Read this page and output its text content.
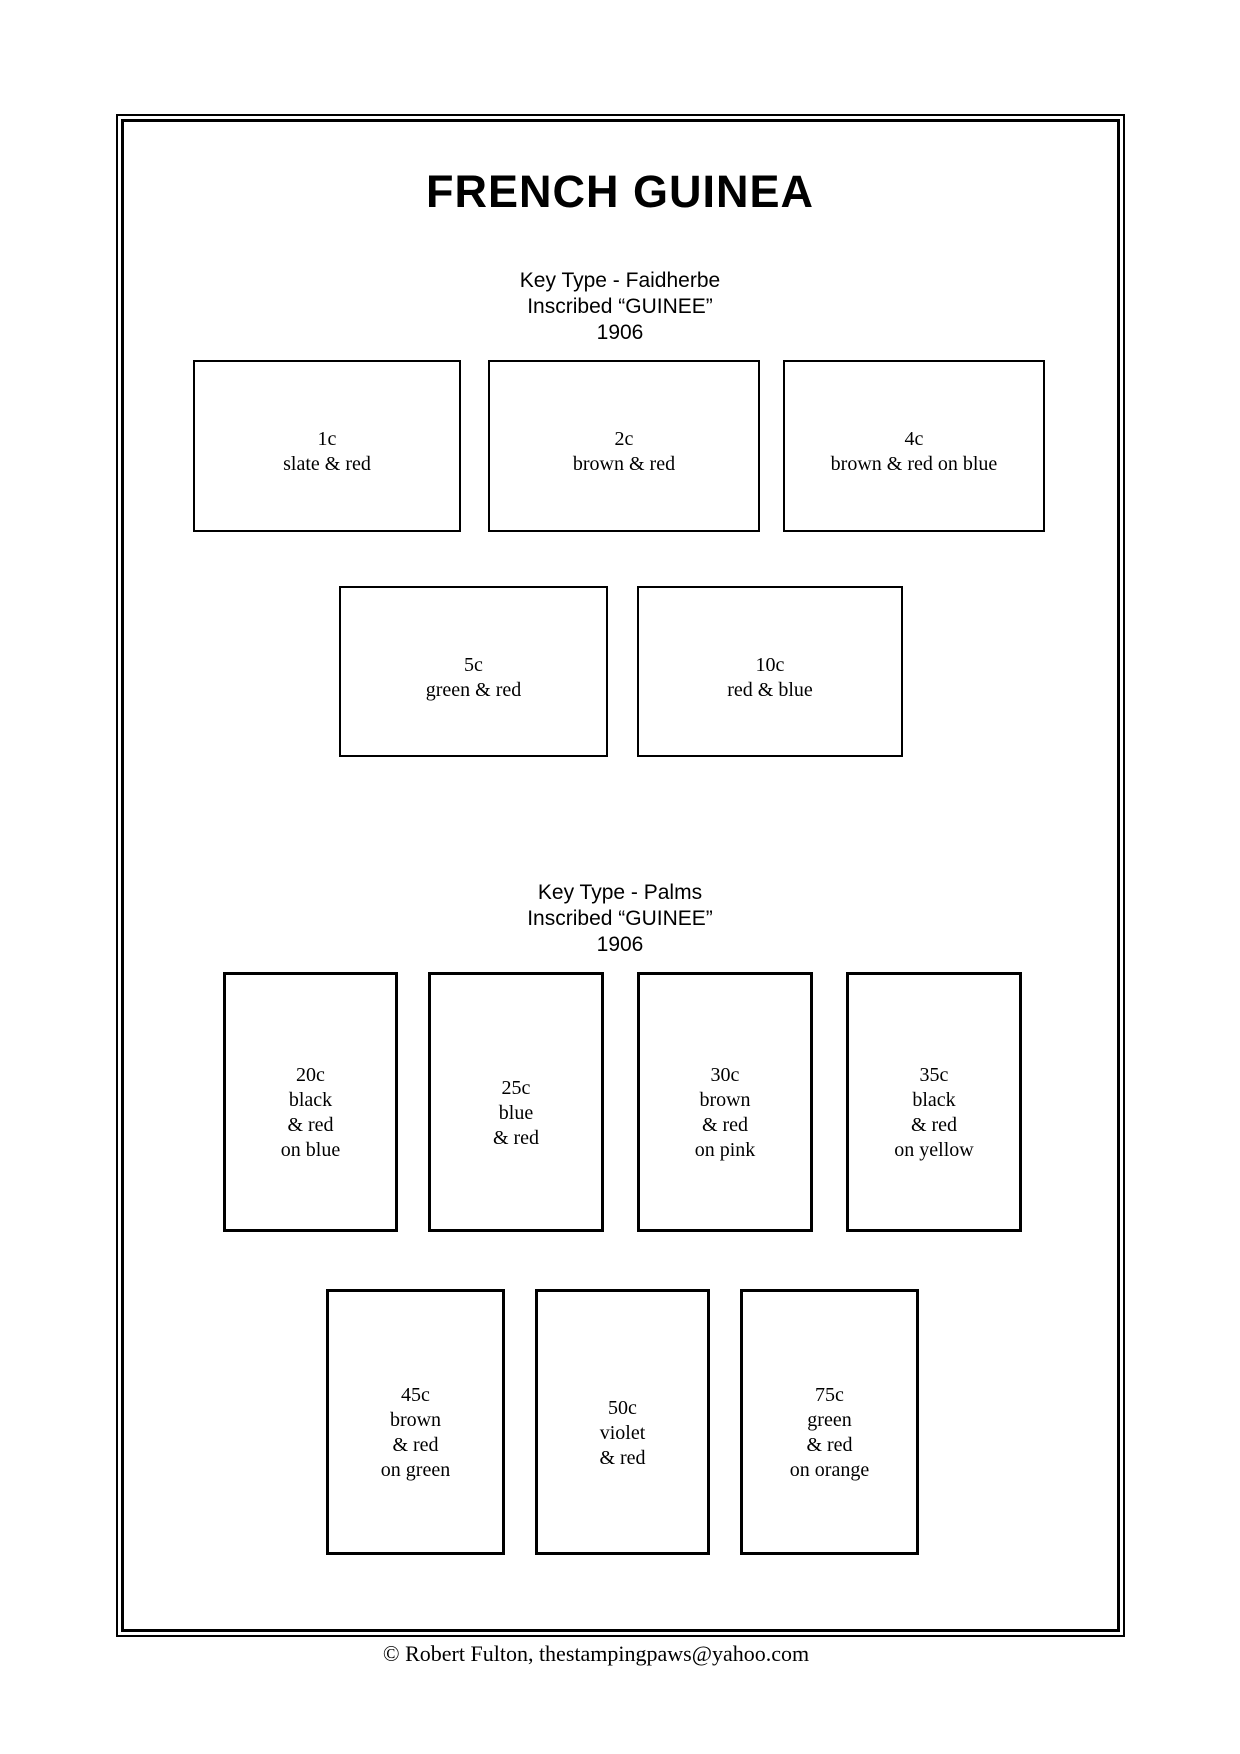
FRENCH GUINEA
Key Type - Faidherbe
Inscribed “GUINEE”
1906
1c
slate & red
2c
brown & red
4c
brown & red on blue
5c
green & red
10c
red & blue
Key Type - Palms
Inscribed “GUINEE”
1906
20c
black
& red
on blue
25c
blue
& red
30c
brown
& red
on pink
35c
black
& red
on yellow
45c
brown
& red
on green
50c
violet
& red
75c
green
& red
on orange
© Robert Fulton, thestampingpaws@yahoo.com
